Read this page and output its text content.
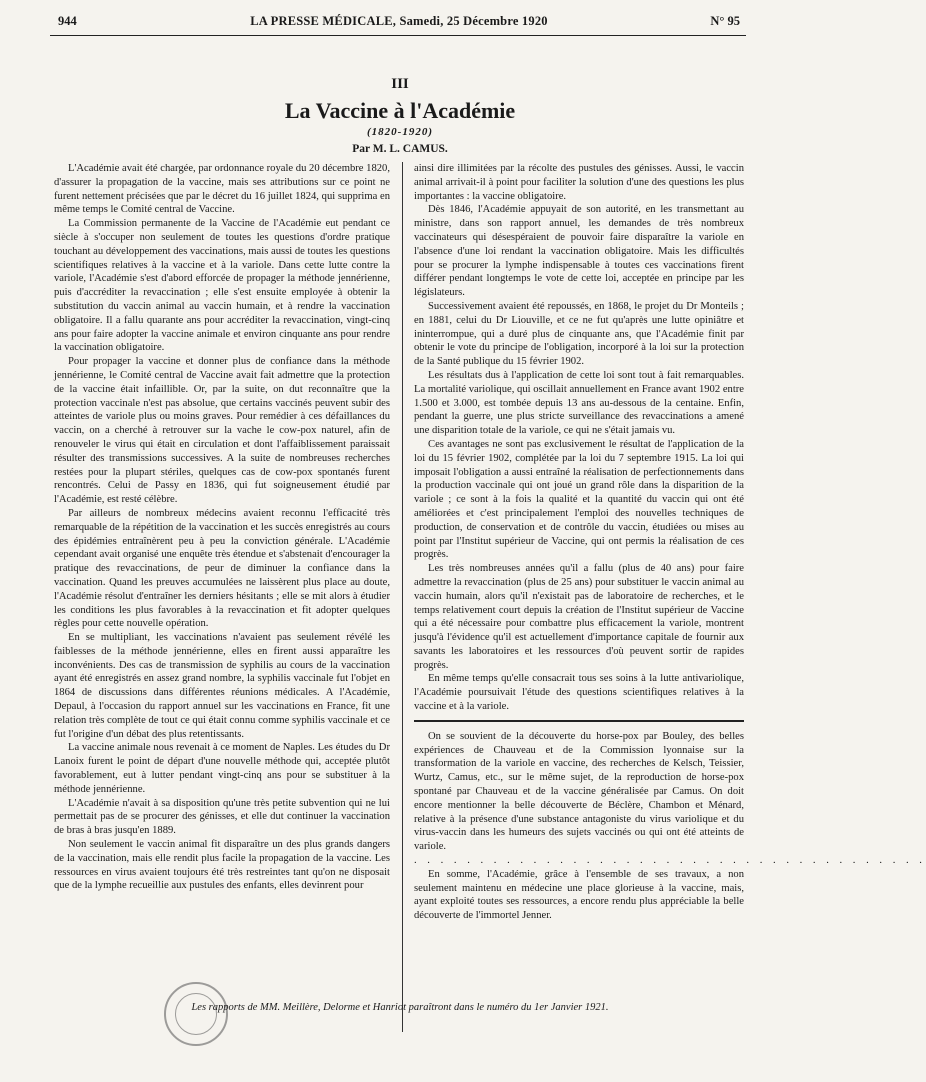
944	LA PRESSE MÉDICALE, Samedi, 25 Décembre 1920	N° 95
III
La Vaccine à l'Académie
(1820-1920)
Par M. L. CAMUS.

L'Académie avait été chargée, par ordonnance royale du 20 décembre 1820, d'assurer la propagation de la vaccine, mais ses attributions sur ce point ne furent nettement précisées que par le décret du 16 juillet 1824, qui supprima en même temps le Comité central de Vaccine.

La Commission permanente de la Vaccine de l'Académie eut pendant ce siècle à s'occuper non seulement de toutes les questions d'ordre pratique touchant au développement des vaccinations, mais aussi de toutes les questions scientifiques relatives à la vaccine et à la variole. Dans cette lutte contre la variole, l'Académie s'est d'abord efforcée de propager la méthode jennérienne, puis d'accréditer la revaccination ; elle s'est ensuite employée à obtenir la substitution du vaccin animal au vaccin humain, et à rendre la vaccination obligatoire. Il a fallu quarante ans pour accréditer la revaccination, vingt-cinq ans pour faire adopter la vaccine animale et environ cinquante ans pour rendre la vaccination obligatoire.

Pour propager la vaccine et donner plus de confiance dans la méthode jennérienne, le Comité central de Vaccine avait fait admettre que la protection de la vaccine était infaillible. Or, par la suite, on dut reconnaître que la protection vaccinale n'est pas absolue, que certains vaccinés peuvent subir des atteintes de variole plus ou moins graves. Pour remédier à ces défaillances du vaccin, on a cherché à retrouver sur la vache le cow-pox naturel, afin de renouveler le virus qui était en circulation et dont l'affaiblissement paraissait résulter des transmissions successives. A la suite de nombreuses recherches restées pour la plupart stériles, quelques cas de cow-pox spontanés furent rencontrés. Celui de Passy en 1836, qui fut soigneusement étudié par l'Académie, est resté célèbre.

Par ailleurs de nombreux médecins avaient reconnu l'efficacité très remarquable de la répétition de la vaccination et les succès enregistrés au cours des épidémies entraînèrent peu à peu la conviction générale. L'Académie cependant avait organisé une enquête très étendue et s'abstenait d'encourager la pratique des revaccinations, de peur de diminuer la confiance dans la vaccination. Quand les preuves accumulées ne laissèrent plus place au doute, l'Académie résolut d'entraîner les derniers hésitants ; elle se mit alors à étudier les conditions les plus favorables à la revaccination et fit adopter quelques règles pour cette nouvelle opération.

En se multipliant, les vaccinations n'avaient pas seulement révélé les faiblesses de la méthode jennérienne, elles en firent aussi apparaître les inconvénients. Des cas de transmission de syphilis au cours de la vaccination ayant été enregistrés en assez grand nombre, la syphilis vaccinale fut l'objet en 1864 de discussions dans différentes réunions médicales. A l'Académie, Depaul, à l'occasion du rapport annuel sur les vaccinations en France, fit une relation très complète de tout ce qui était connu comme syphilis vaccinale et ce fut l'origine d'un débat des plus retentissants.

La vaccine animale nous revenait à ce moment de Naples. Les études du Dr Lanoix furent le point de départ d'une nouvelle méthode qui, acceptée plutôt favorablement, eut à lutter pendant vingt-cinq ans pour se substituer à la méthode jennérienne.

L'Académie n'avait à sa disposition qu'une très petite subvention qui ne lui permettait pas de se procurer des génisses, et elle dut continuer la vaccination de bras à bras jusqu'en 1889.

Non seulement le vaccin animal fit disparaître un des plus grands dangers de la vaccination, mais elle rendit plus facile la propagation de la vaccine. Les ressources en virus avaient toujours été très restreintes tant qu'on ne disposait que de la lymphe recueillie aux pustules des enfants, elles devinrent pour

ainsi dire illimitées par la récolte des pustules des génisses. Aussi, le vaccin animal arrivait-il à point pour faciliter la solution d'une des questions les plus importantes : la vaccine obligatoire.

Dès 1846, l'Académie appuyait de son autorité, en les transmettant au ministre, dans son rapport annuel, les demandes de très nombreux vaccinateurs qui désespéraient de pouvoir faire disparaître la variole en l'absence d'une loi rendant la vaccination obligatoire. Mais les difficultés pour se procurer la lymphe indispensable à toutes ces vaccinations firent différer pendant longtemps le vote de cette loi, acceptée en principe par les législateurs.

Successivement avaient été repoussés, en 1868, le projet du Dr Monteils ; en 1881, celui du Dr Liouville, et ce ne fut qu'après une lutte opiniâtre et ininterrompue, qui a duré plus de cinquante ans, que l'Académie finit par obtenir le vote du principe de l'obligation, incorporé à la loi sur la protection de la Santé publique du 15 février 1902.

Les résultats dus à l'application de cette loi sont tout à fait remarquables. La mortalité variolique, qui oscillait annuellement en France avant 1902 entre 1.500 et 3.000, est tombée depuis 13 ans au-dessous de la centaine. Enfin, pendant la guerre, une plus stricte surveillance des revaccinations a amené une disparition totale de la variole, ce qui ne s'était jamais vu.

Ces avantages ne sont pas exclusivement le résultat de l'application de la loi du 15 février 1902, complétée par la loi du 7 septembre 1915. La loi qui imposait l'obligation a aussi entraîné la réalisation de perfectionnements dans la production vaccinale qui ont joué un grand rôle dans la disparition de la variole ; ce sont à la fois la qualité et la quantité du vaccin qui ont été améliorées et c'est principalement l'emploi des nouvelles techniques de production, de conservation et de contrôle du vaccin, étudiées ou mises au point par l'Institut supérieur de Vaccine, qui ont permis la réalisation de ces progrès.

Les très nombreuses années qu'il a fallu (plus de 40 ans) pour faire admettre la revaccination (plus de 25 ans) pour substituer le vaccin animal au vaccin humain, alors qu'il n'existait pas de laboratoire de recherches, et le temps relativement court depuis la création de l'Institut supérieur de Vaccine qui a été nécessaire pour combattre plus efficacement la variole, montrent jusqu'à l'évidence qu'il est actuellement d'importance capitale de fournir aux savants les laboratoires et les ressources d'où peuvent sortir de rapides progrès.

En même temps qu'elle consacrait tous ses soins à la lutte antivariolique, l'Académie poursuivait l'étude des questions scientifiques relatives à la vaccine et à la variole.

On se souvient de la découverte du horse-pox par Bouley, des belles expériences de Chauveau et de la Commission lyonnaise sur la transformation de la variole en vaccine, des recherches de Kelsch, Teissier, Wurtz, Camus, etc., sur le même sujet, de la reproduction de horse-pox spontané par Chauveau et de la vaccine généralisée par Camus. On doit encore mentionner la belle découverte de Béclère, Chambon et Ménard, relative à la présence d'une substance antagoniste du virus variolique et du virus-vaccin dans les humeurs des sujets vaccinés ou qui ont été atteints de variole.

. . . . . . . . . . . . . . . . . . . . . . . . . . . . . . . . . . . . . . .

En somme, l'Académie, grâce à l'ensemble de ses travaux, a non seulement maintenu en médecine une place glorieuse à la vaccine, mais, ayant exploité toutes ses ressources, a encore rendu plus appréciable la belle découverte de l'immortel Jenner.

Les rapports de MM. Meillère, Delorme et Hanriot paraîtront dans le numéro du 1er Janvier 1921.
